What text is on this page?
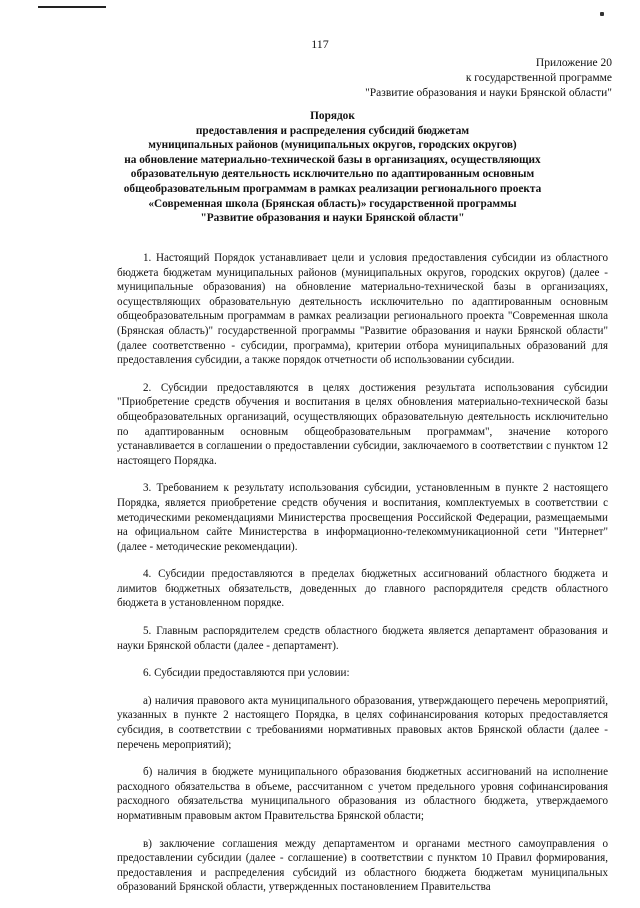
117
Приложение 20
к государственной программе
"Развитие образования и науки Брянской области"
Порядок
предоставления и распределения субсидий бюджетам
муниципальных районов (муниципальных округов, городских округов)
на обновление материально-технической базы в организациях, осуществляющих
образовательную деятельность исключительно по адаптированным основным
общеобразовательным программам в рамках реализации регионального проекта
«Современная школа (Брянская область)» государственной программы
"Развитие образования и науки Брянской области"

1. Настоящий Порядок устанавливает цели и условия предоставления субсидии из областного бюджета бюджетам муниципальных районов (муниципальных округов, городских округов) (далее - муниципальные образования) на обновление материально-технической базы в организациях, осуществляющих образовательную деятельность исключительно по адаптированным основным общеобразовательным программам в рамках реализации регионального проекта "Современная школа (Брянская область)" государственной программы "Развитие образования и науки Брянской области" (далее соответственно - субсидии, программа), критерии отбора муниципальных образований для предоставления субсидии, а также порядок отчетности об использовании субсидии.

2. Субсидии предоставляются в целях достижения результата использования субсидии "Приобретение средств обучения и воспитания в целях обновления материально-технической базы общеобразовательных организаций, осуществляющих образовательную деятельность исключительно по адаптированным основным общеобразовательным программам", значение которого устанавливается в соглашении о предоставлении субсидии, заключаемого в соответствии с пунктом 12 настоящего Порядка.

3. Требованием к результату использования субсидии, установленным в пункте 2 настоящего Порядка, является приобретение средств обучения и воспитания, комплектуемых в соответствии с методическими рекомендациями Министерства просвещения Российской Федерации, размещаемыми на официальном сайте Министерства в информационно-телекоммуникационной сети "Интернет" (далее - методические рекомендации).

4. Субсидии предоставляются в пределах бюджетных ассигнований областного бюджета и лимитов бюджетных обязательств, доведенных до главного распорядителя средств областного бюджета в установленном порядке.

5. Главным распорядителем средств областного бюджета является департамент образования и науки Брянской области (далее - департамент).

6. Субсидии предоставляются при условии:

а) наличия правового акта муниципального образования, утверждающего перечень мероприятий, указанных в пункте 2 настоящего Порядка, в целях софинансирования которых предоставляется субсидия, в соответствии с требованиями нормативных правовых актов Брянской области (далее - перечень мероприятий);

б) наличия в бюджете муниципального образования бюджетных ассигнований на исполнение расходного обязательства в объеме, рассчитанном с учетом предельного уровня софинансирования расходного обязательства муниципального образования из областного бюджета, утверждаемого нормативным правовым актом Правительства Брянской области;

в) заключение соглашения между департаментом и органами местного самоуправления о предоставлении субсидии (далее - соглашение) в соответствии с пунктом 10 Правил формирования, предоставления и распределения субсидий из областного бюджета бюджетам муниципальных образований Брянской области, утвержденных постановлением Правительства
